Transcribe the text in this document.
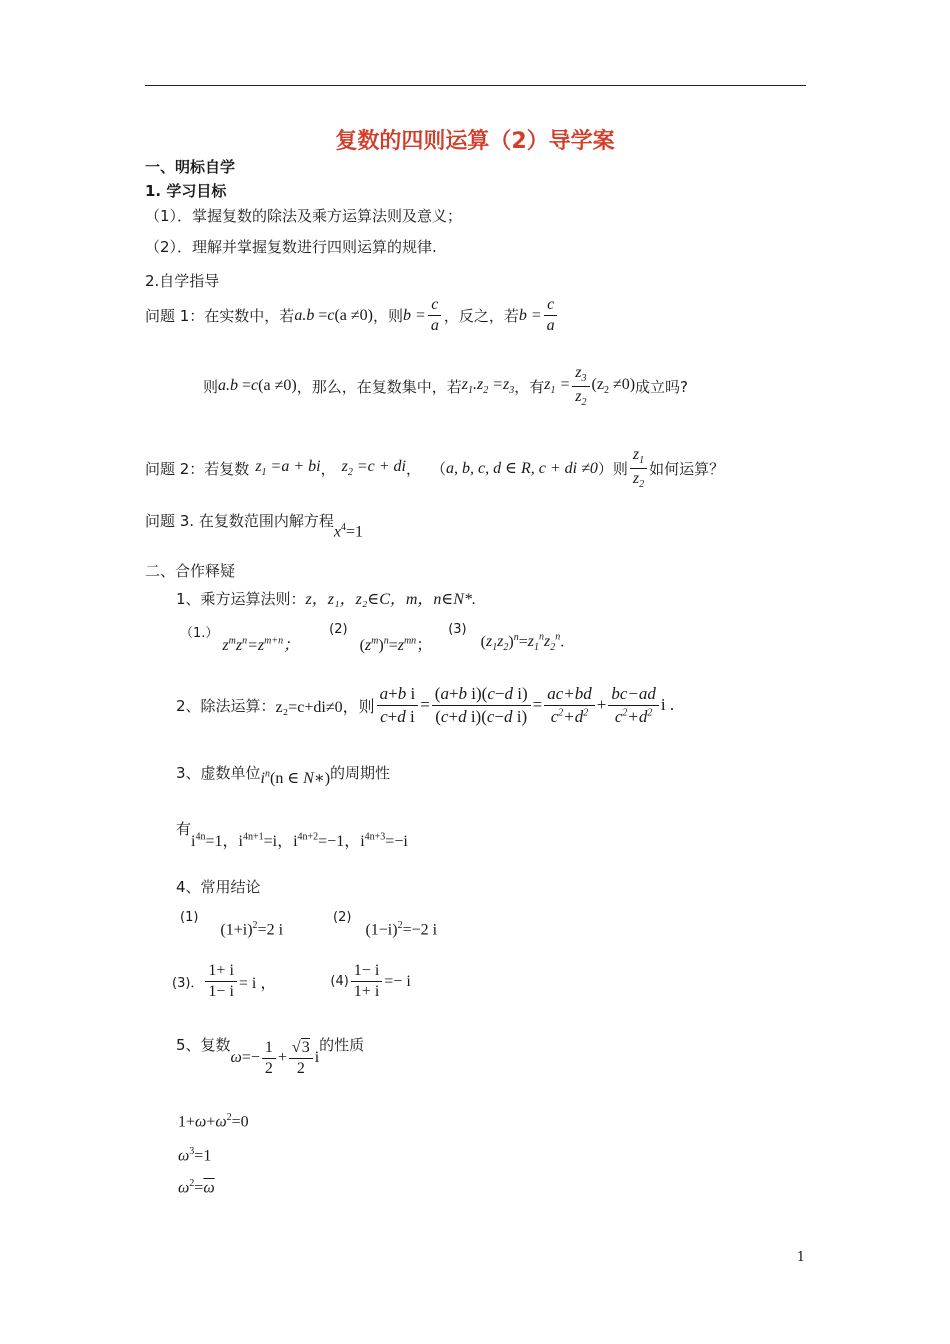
复数的四则运算（2）导学案
一、明标自学
1. 学习目标
（1）．掌握复数的除法及乘方运算法则及意义；
（2）．理解并掌握复数进行四则运算的规律.
2.自学指导
问题 1：在实数中，若 a.b =c(a ≠0) ，则 $b = \frac{c}{a}$ ，反之，若 $b = \frac{c}{a}$
则 a.b =c(a ≠0) ，那么，在复数集中，若 $z_1.z_2 =z_3$ ，有 $z_1 = \frac{z_3}{z_2} (z_2 \ne 0)$ 成立吗?
问题 2：若复数 $z_1 =a$ + bi ， $z_2 =c$ + di ， （ a, b, c, d ∈ R, c + di ≠0 ）则 $\frac{z_1}{z_2}$ 如何运算？
问题 3. 在复数范围内解方程
$x^4=1$
二、合作释疑
1、乘方运算法则：z，z₁，z₂∈C，m，n∈N*.
（1.）
$z^mz^n=z^{m+n}$；
(2)
$(z^m)^n=z^{mn}$；
(3)
$(z_1z_2)^n=z_1^nz_2^n$.
2、除法运算： z₂=c+di≠0，则 $\frac{\text{a+b i}}{\text{c+d i}} = \frac{\text{(a+b i)(c−d i)}}{\text{(c+d i)(c−d i)}} = \frac{ac+bd}{c^2+d^2} + \frac{bc-ad}{c^2+d^2}$ i .
3、虚数单位 $i^n(n$ ∈ N∗) 的周期性
有
$i^{4n}=1$，$i^{4n+1}=i$，$i^{4n+2}=-1$，$i^{4n+3}=-i$
4、常用结论
(1)
$(1+i)^2=2$ i
(2)
$(1-i)^2=-2$ i
(3)． $\frac{1+ i}{1- i} = i$ ，	$(4) \frac{1- i}{1+ i} =- i$
5、复数
$\omega =- \frac{1}{2} + \frac{√3}{2}$ i
的性质
$1+\omega+\omega^2=0$
$\omega^3=1$
$\omega^2=\overline{\omega}$
1
